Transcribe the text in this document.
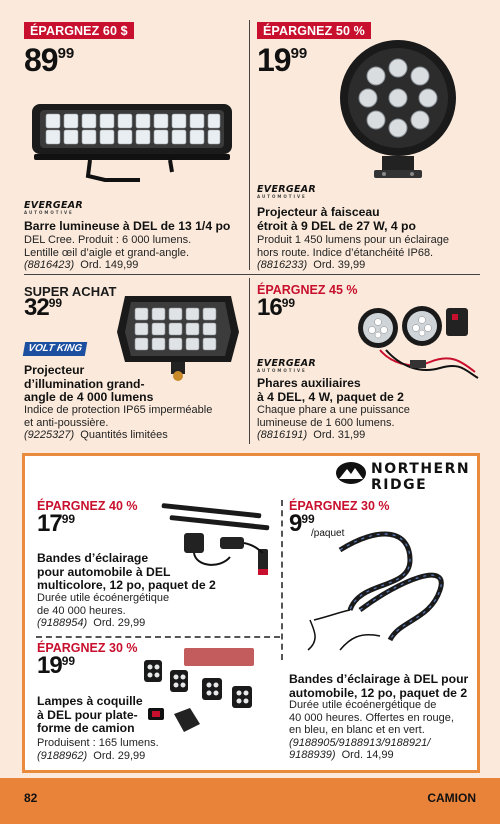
ÉPARGNEZ 60 $
8999
EVERGEAR
AUTOMOTIVE
Barre lumineuse à DEL de 13 1/4 po
DEL Cree. Produit : 6 000 lumens.
Lentille œil d’aigle et grand-angle.
(8816423) Ord. 149,99
ÉPARGNEZ 50 %
1999
EVERGEAR
AUTOMOTIVE
Projecteur à faisceau
étroit à 9 DEL de 27 W, 4 po
Produit 1 450 lumens pour un éclairage
hors route. Indice d’étanchéité IP68.
(8816233) Ord. 39,99
SUPER ACHAT
$32^{99}$
VOLT KING
Projecteur
d’illumination grand-
angle de 4 000 lumens
Indice de protection IP65 imperméable
et anti-poussière.
(9225327) Quantités limitées
ÉPARGNEZ 45 %
$16^{99}$
EVERGEAR
AUTOMOTIVE
Phares auxiliaires
à 4 DEL, 4 W, paquet de 2
Chaque phare a une puissance
lumineuse de 1 600 lumens.
(8816191) Ord. 31,99
NORTHERN
RIDGE
ÉPARGNEZ 40 %
$17^{99}$
Bandes d’éclairage
pour automobile à DEL
multicolore, 12 po, paquet de 2
Durée utile écoénergétique
de 40 000 heures.
(9188954) Ord. 29,99
ÉPARGNEZ 30 %
$19^{99}$
Lampes à coquille
à DEL pour plate-
forme de camion
Produisent : 165 lumens.
(9188962) Ord. 29,99
ÉPARGNEZ 30 %
$9^{99}$
/paquet
Bandes d’éclairage à DEL pour
automobile, 12 po, paquet de 2
Durée utile écoénergétique de
40 000 heures. Offertes en rouge,
en bleu, en blanc et en vert.
(9188905/9188913/9188921/
9188939) Ord. 14,99
82	CAMION
